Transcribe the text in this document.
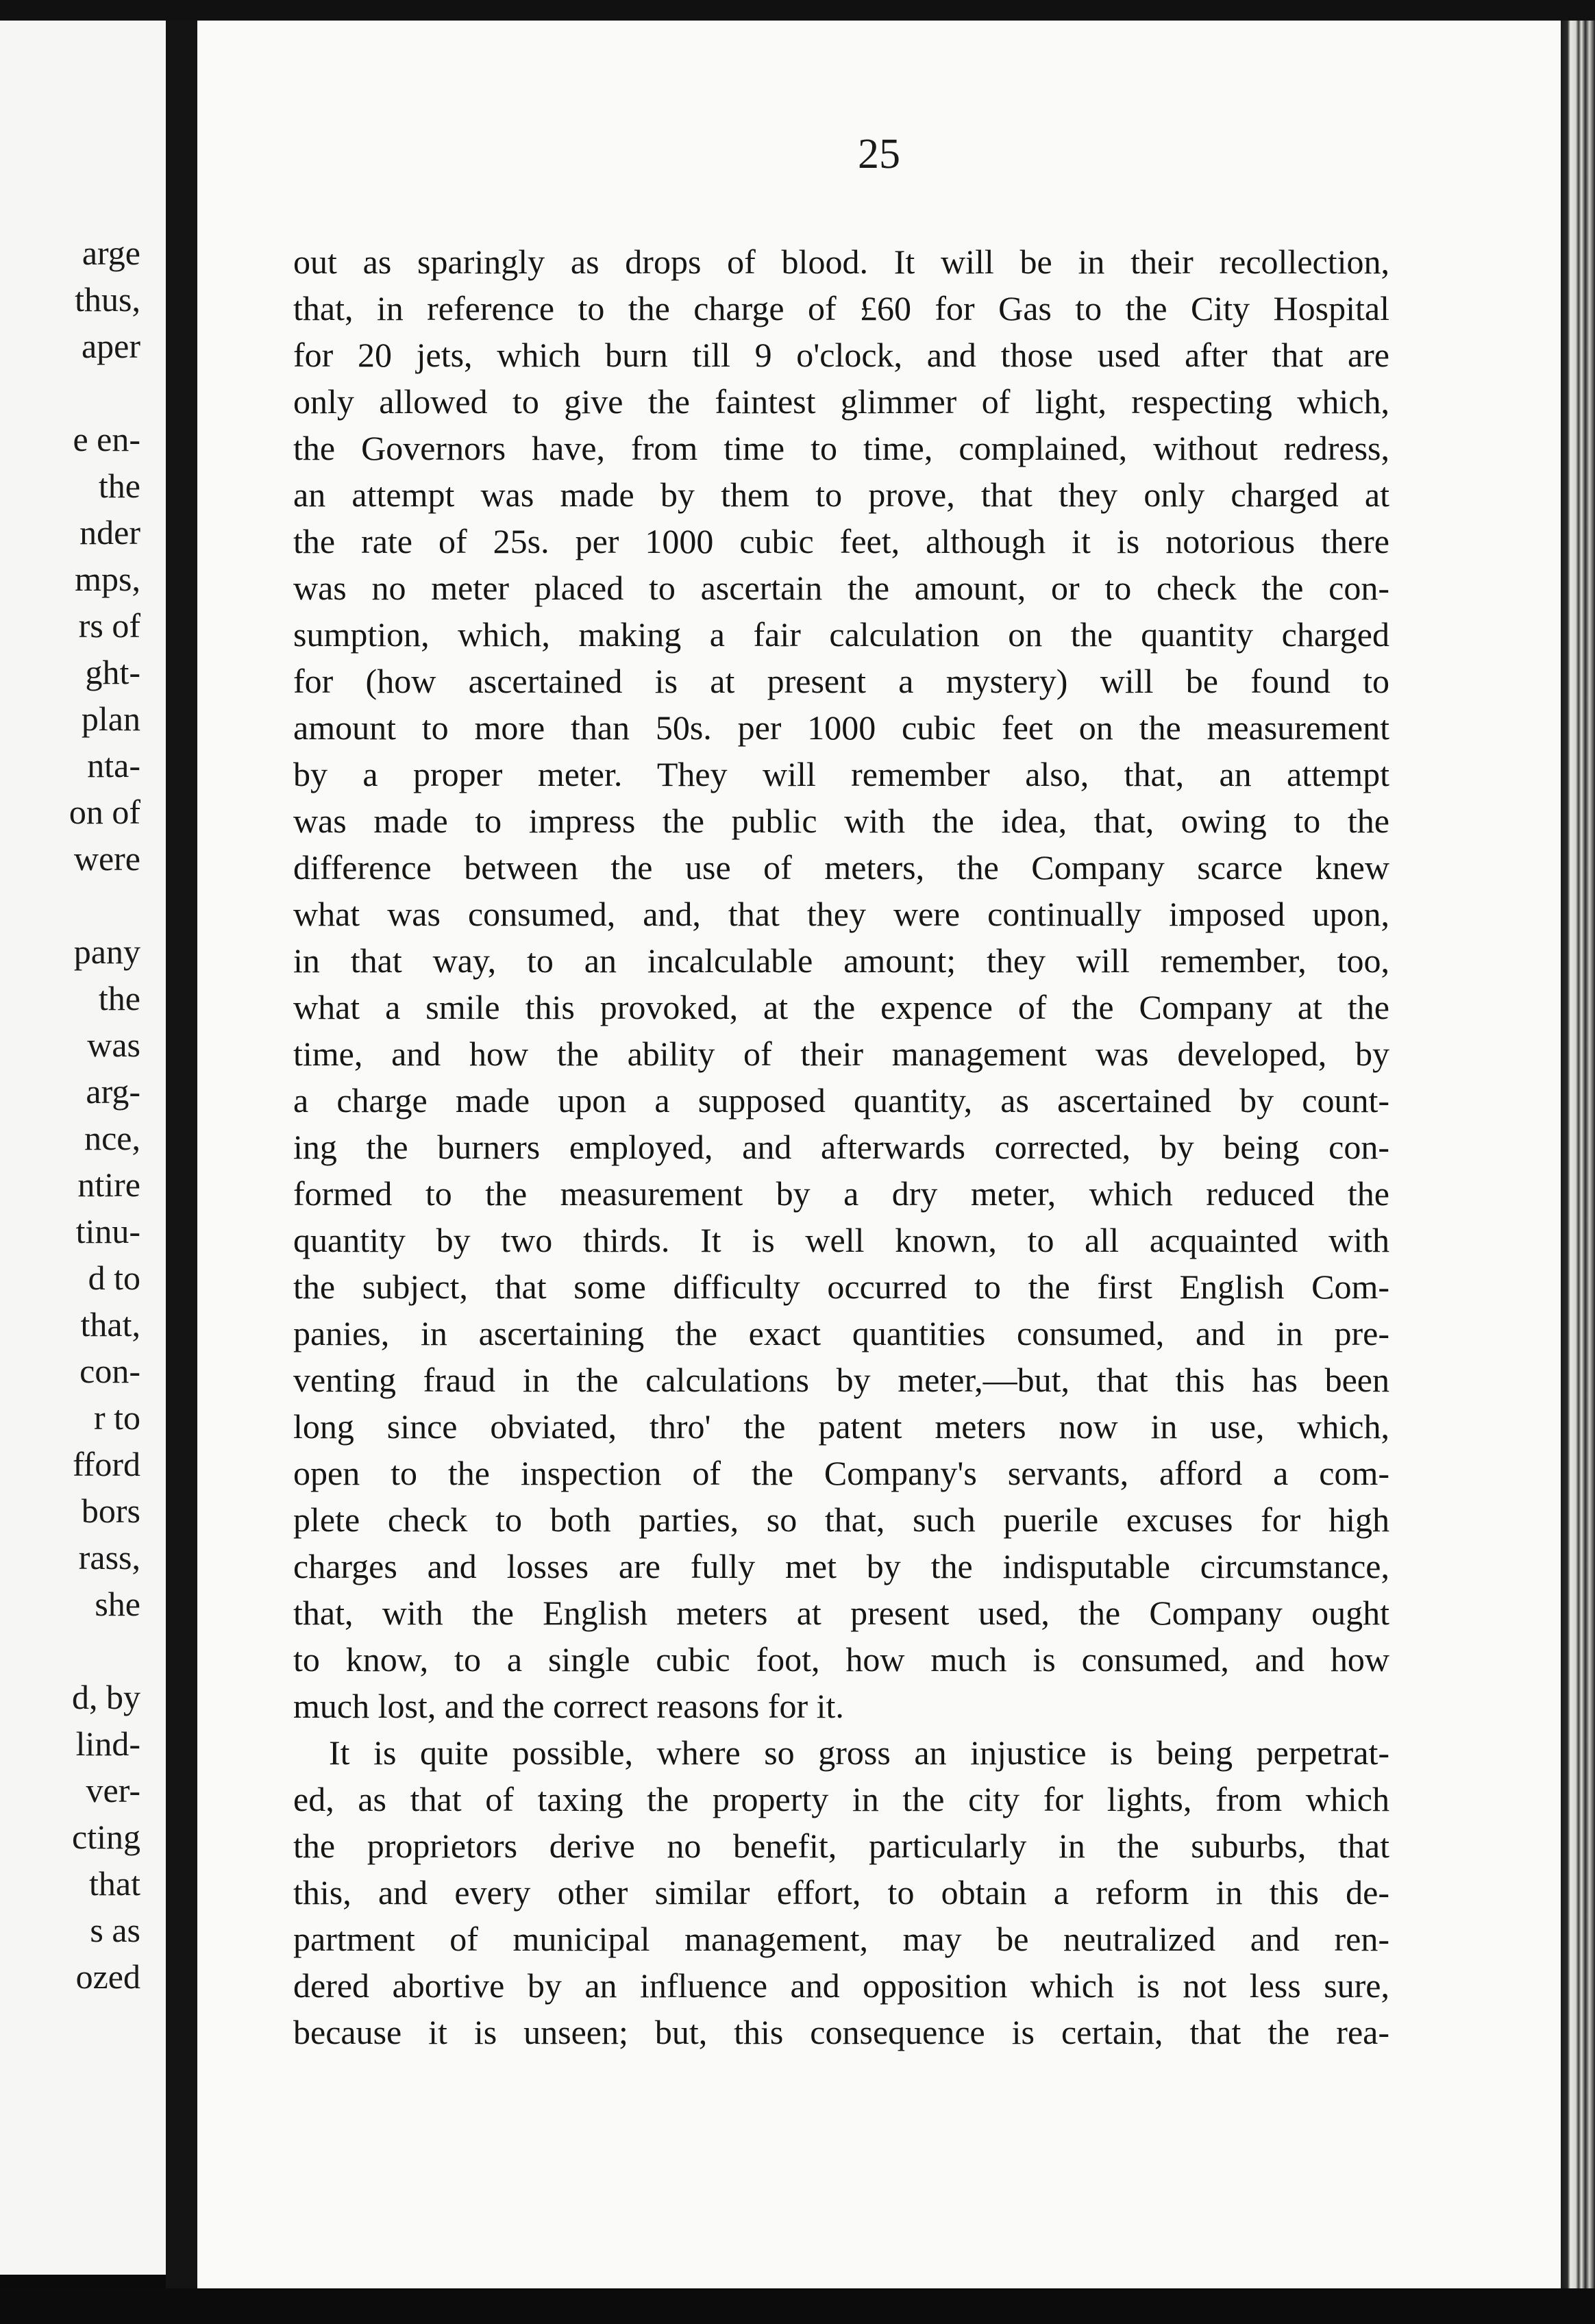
arge
thus,
aper
e en-
the
nder
mps,
rs of
ght-
plan
nta-
on of
were
pany
the
was
arg-
nce,
ntire
tinu-
d to
that,
con-
r to
fford
bors
rass,
she
d, by
lind-
ver-
cting
that
s as
ozed
25
out as sparingly as drops of blood. It will be in their recollection,
that, in reference to the charge of £60 for Gas to the City Hospital
for 20 jets, which burn till 9 o'clock, and those used after that are
only allowed to give the faintest glimmer of light, respecting which,
the Governors have, from time to time, complained, without redress,
an attempt was made by them to prove, that they only charged at
the rate of 25s. per 1000 cubic feet, although it is notorious there
was no meter placed to ascertain the amount, or to check the con-
sumption, which, making a fair calculation on the quantity charged
for (how ascertained is at present a mystery) will be found to
amount to more than 50s. per 1000 cubic feet on the measurement
by a proper meter. They will remember also, that, an attempt
was made to impress the public with the idea, that, owing to the
difference between the use of meters, the Company scarce knew
what was consumed, and, that they were continually imposed upon,
in that way, to an incalculable amount; they will remember, too,
what a smile this provoked, at the expence of the Company at the
time, and how the ability of their management was developed, by
a charge made upon a supposed quantity, as ascertained by count-
ing the burners employed, and afterwards corrected, by being con-
formed to the measurement by a dry meter, which reduced the
quantity by two thirds. It is well known, to all acquainted with
the subject, that some difficulty occurred to the first English Com-
panies, in ascertaining the exact quantities consumed, and in pre-
venting fraud in the calculations by meter,—but, that this has been
long since obviated, thro' the patent meters now in use, which,
open to the inspection of the Company's servants, afford a com-
plete check to both parties, so that, such puerile excuses for high
charges and losses are fully met by the indisputable circumstance,
that, with the English meters at present used, the Company ought
to know, to a single cubic foot, how much is consumed, and how
much lost, and the correct reasons for it.
It is quite possible, where so gross an injustice is being perpetrat-
ed, as that of taxing the property in the city for lights, from which
the proprietors derive no benefit, particularly in the suburbs, that
this, and every other similar effort, to obtain a reform in this de-
partment of municipal management, may be neutralized and ren-
dered abortive by an influence and opposition which is not less sure,
because it is unseen; but, this consequence is certain, that the rea-
